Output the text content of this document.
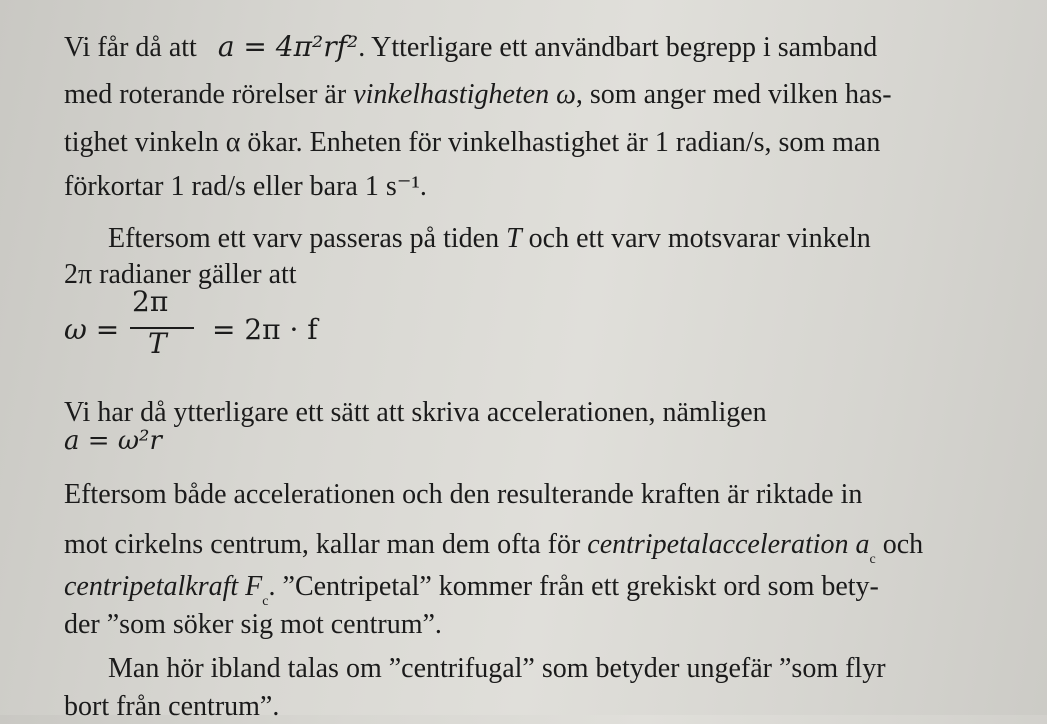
Vi får då att a = 4π²rf². Ytterligare ett användbart begrepp i samband
med roterande rörelser är vinkelhastigheten ω, som anger med vilken has-
tighet vinkeln α ökar. Enheten för vinkelhastighet är 1 radian/s, som man
förkortar 1 rad/s eller bara 1 s⁻¹.
Eftersom ett varv passeras på tiden T och ett varv motsvarar vinkeln
2π radianer gäller att
ω =
2π
T = 2π · f
Vi har då ytterligare ett sätt att skriva accelerationen, nämligen
a = ω²r
Eftersom både accelerationen och den resulterande kraften är riktade in
mot cirkelns centrum, kallar man dem ofta för centripetalacceleration $a_c$ och
centripetalkraft $F_c$. ”Centripetal” kommer från ett grekiskt ord som bety-
der ”som söker sig mot centrum”.
Man hör ibland talas om ”centrifugal” som betyder ungefär ”som flyr
bort från centrum”.
